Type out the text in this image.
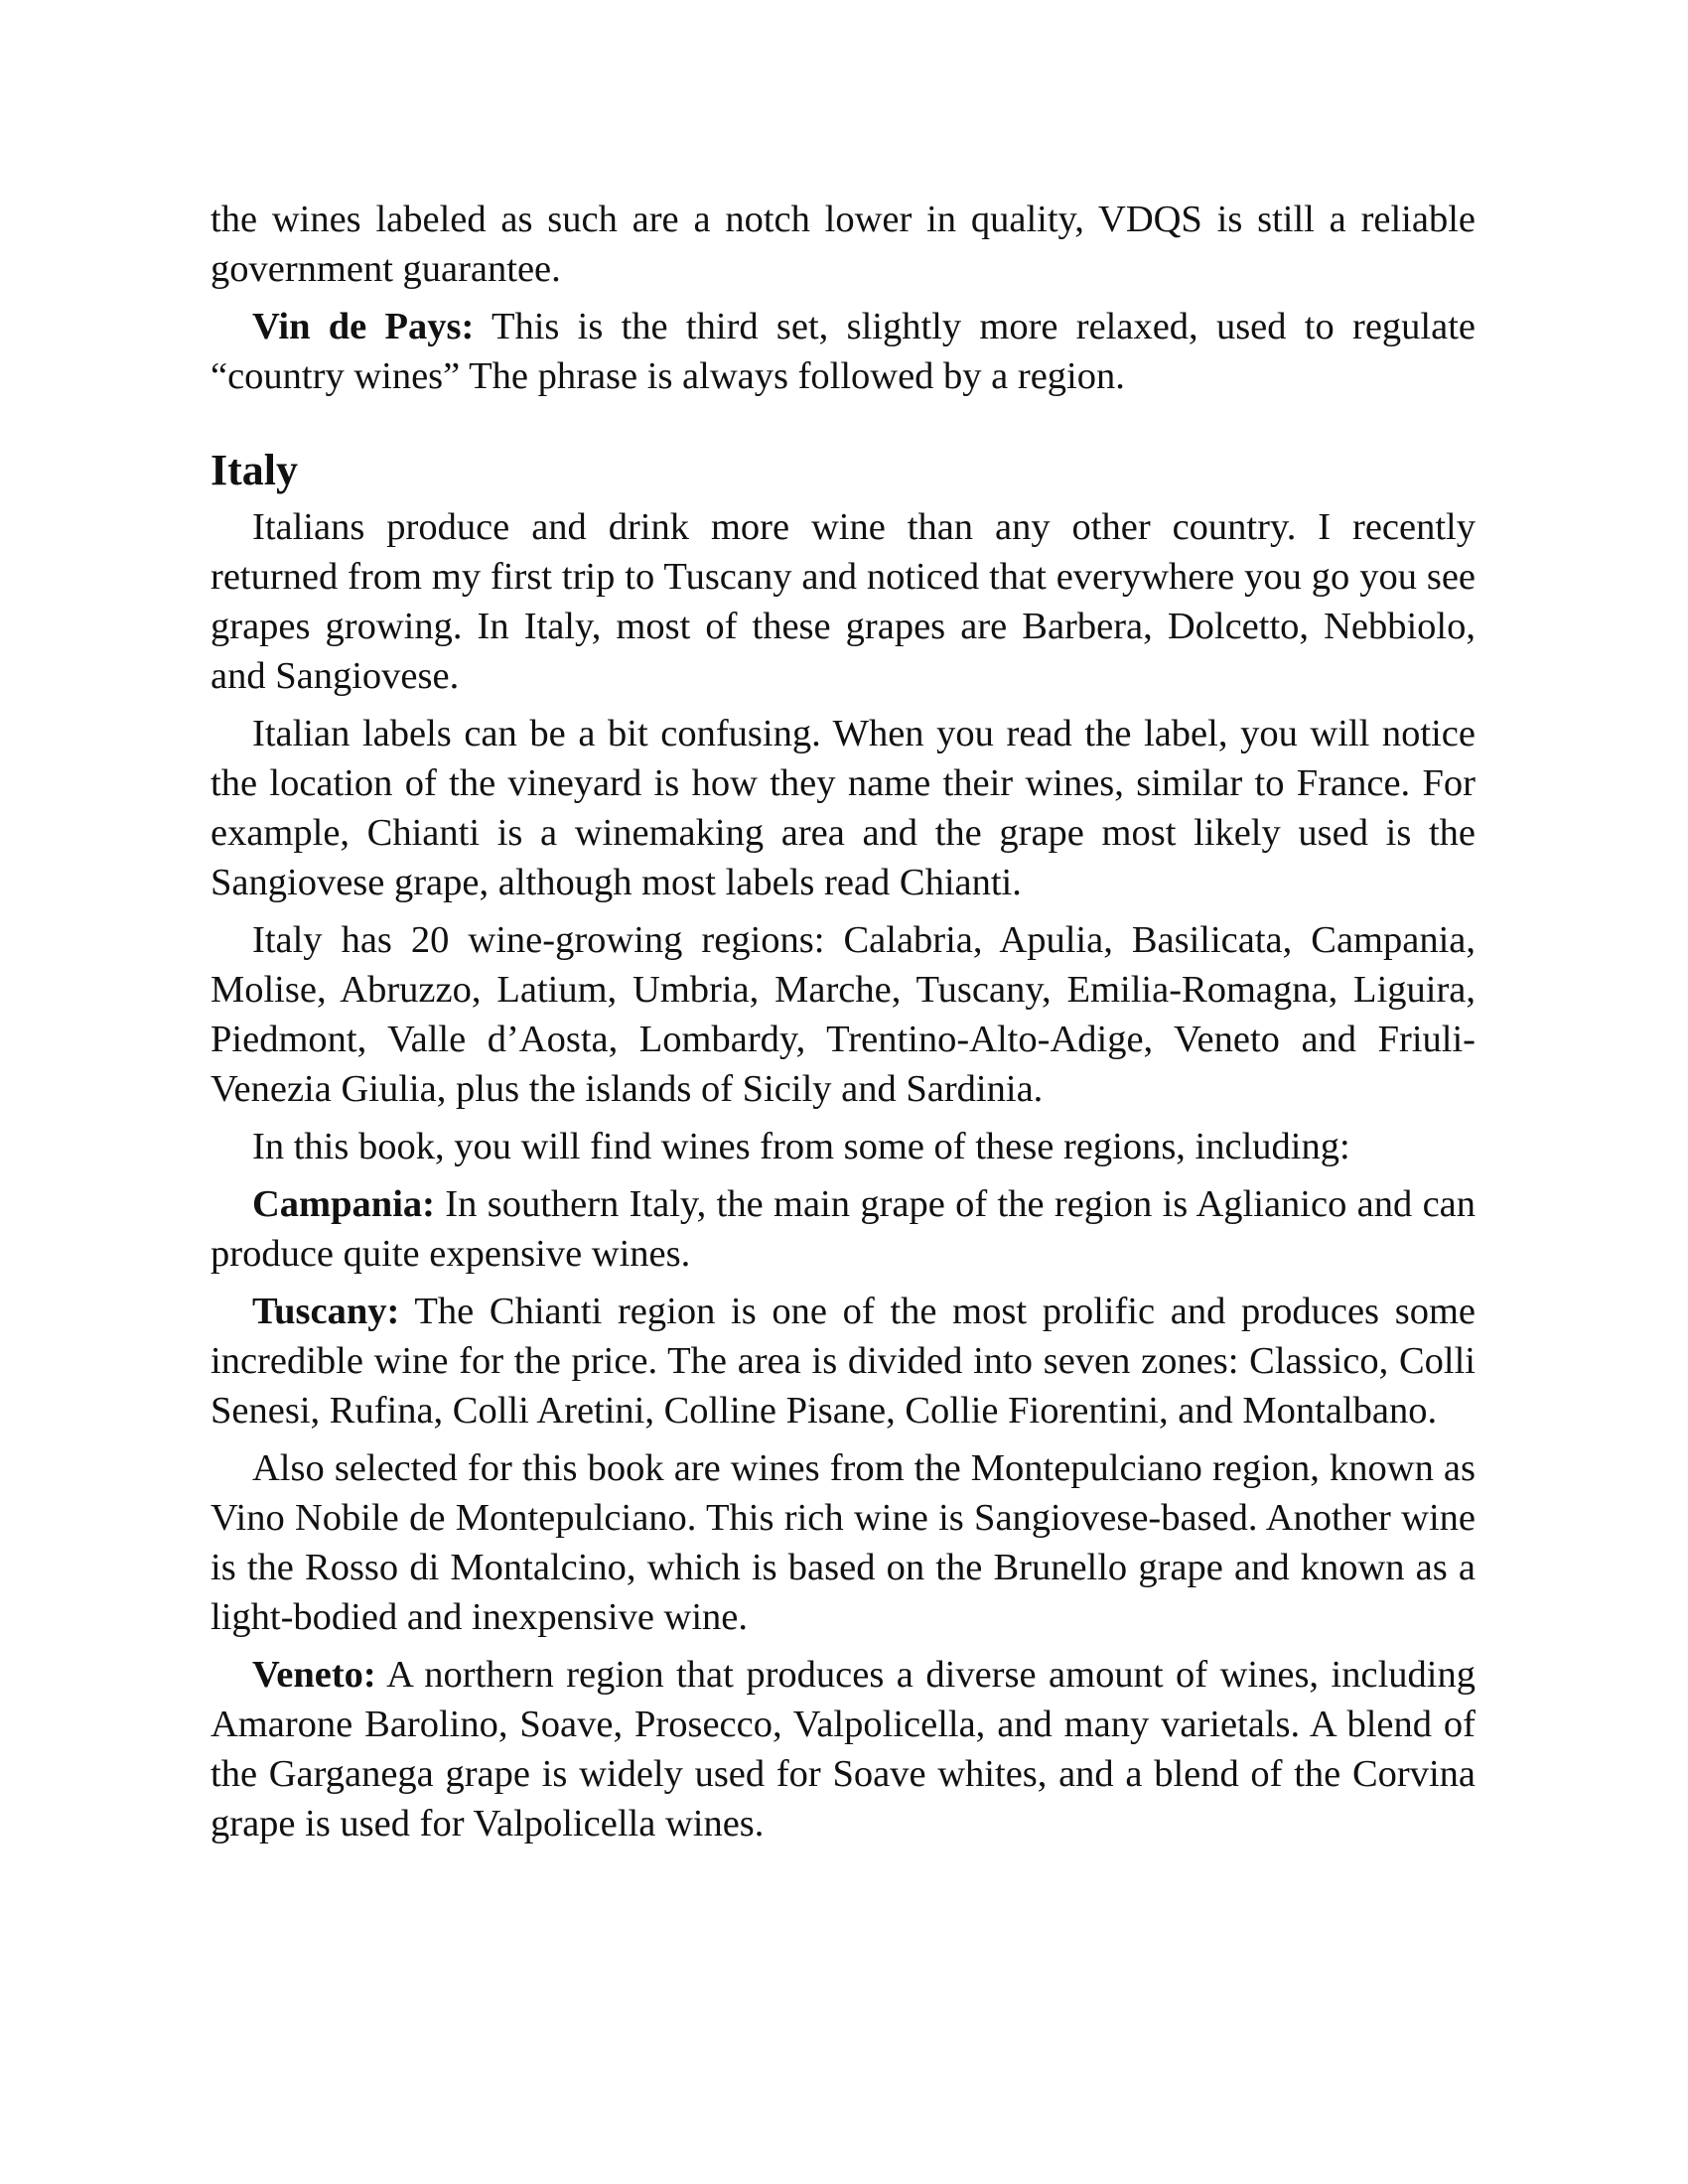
the wines labeled as such are a notch lower in quality, VDQS is still a reliable government guarantee.

Vin de Pays: This is the third set, slightly more relaxed, used to regulate “country wines” The phrase is always followed by a region.

Italy

Italians produce and drink more wine than any other country. I recently returned from my first trip to Tuscany and noticed that everywhere you go you see grapes growing. In Italy, most of these grapes are Barbera, Dolcetto, Nebbiolo, and Sangiovese.

Italian labels can be a bit confusing. When you read the label, you will notice the location of the vineyard is how they name their wines, similar to France. For example, Chianti is a winemaking area and the grape most likely used is the Sangiovese grape, although most labels read Chianti.

Italy has 20 wine-growing regions: Calabria, Apulia, Basilicata, Campania, Molise, Abruzzo, Latium, Umbria, Marche, Tuscany, Emilia-Romagna, Liguira, Piedmont, Valle d’Aosta, Lombardy, Trentino-Alto-Adige, Veneto and Friuli-Venezia Giulia, plus the islands of Sicily and Sardinia.

In this book, you will find wines from some of these regions, including:

Campania: In southern Italy, the main grape of the region is Aglianico and can produce quite expensive wines.

Tuscany: The Chianti region is one of the most prolific and produces some incredible wine for the price. The area is divided into seven zones: Classico, Colli Senesi, Rufina, Colli Aretini, Colline Pisane, Collie Fiorentini, and Montalbano.

Also selected for this book are wines from the Montepulciano region, known as Vino Nobile de Montepulciano. This rich wine is Sangiovese-based. Another wine is the Rosso di Montalcino, which is based on the Brunello grape and known as a light-bodied and inexpensive wine.

Veneto: A northern region that produces a diverse amount of wines, including Amarone Barolino, Soave, Prosecco, Valpolicella, and many varietals. A blend of the Garganega grape is widely used for Soave whites, and a blend of the Corvina grape is used for Valpolicella wines.
